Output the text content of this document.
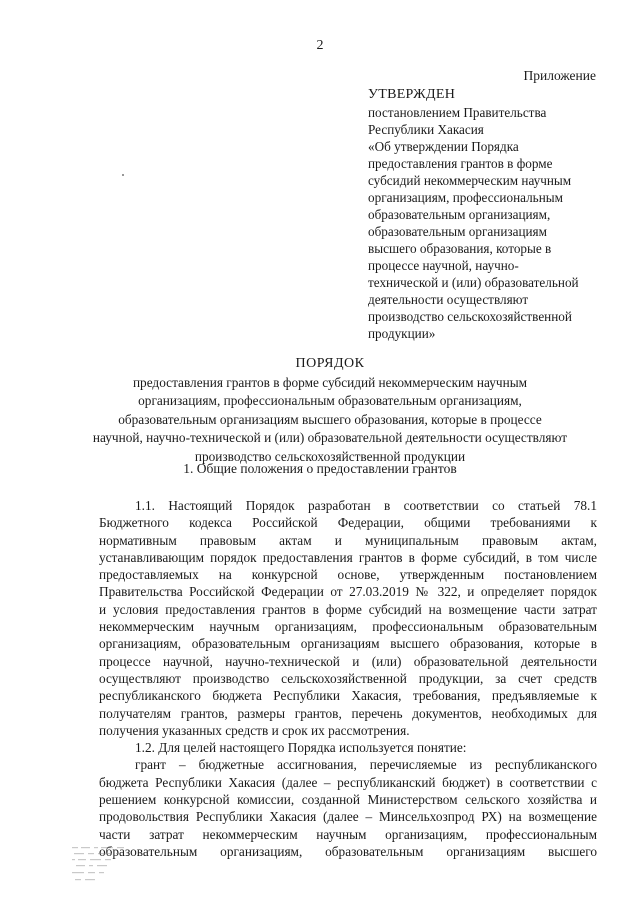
2
Приложение
УТВЕРЖДЕН
постановлением Правительства
Республики Хакасия
«Об утверждении Порядка
предоставления грантов в форме
субсидий некоммерческим научным
организациям, профессиональным
образовательным организациям,
образовательным организациям
высшего образования, которые в
процессе научной, научно-
технической и (или) образовательной
деятельности осуществляют
производство сельскохозяйственной
продукции»
ПОРЯДОК
предоставления грантов в форме субсидий некоммерческим научным
организациям, профессиональным образовательным организациям,
образовательным организациям высшего образования, которые в процессе
научной, научно-технической и (или) образовательной деятельности осуществляют
производство сельскохозяйственной продукции
1. Общие положения о предоставлении грантов
1.1. Настоящий Порядок разработан в соответствии со статьей 78.1
Бюджетного кодекса Российской Федерации, общими требованиями к
нормативным правовым актам и муниципальным правовым актам,
устанавливающим порядок предоставления грантов в форме субсидий, в том числе
предоставляемых на конкурсной основе, утвержденным постановлением
Правительства Российской Федерации от 27.03.2019 № 322, и определяет порядок
и условия предоставления грантов в форме субсидий на возмещение части затрат
некоммерческим научным организациям, профессиональным образовательным
организациям, образовательным организациям высшего образования, которые в
процессе научной, научно-технической и (или) образовательной деятельности
осуществляют производство сельскохозяйственной продукции, за счет средств
республиканского бюджета Республики Хакасия, требования, предъявляемые к
получателям грантов, размеры грантов, перечень документов, необходимых для
получения указанных средств и срок их рассмотрения.
1.2. Для целей настоящего Порядка используется понятие:
грант – бюджетные ассигнования, перечисляемые из республиканского
бюджета Республики Хакасия (далее – республиканский бюджет) в соответствии с
решением конкурсной комиссии, созданной Министерством сельского хозяйства и
продовольствия Республики Хакасия (далее – Минсельхозпрод РХ) на возмещение
части затрат некоммерческим научным организациям, профессиональным
образовательным организациям, образовательным организациям высшего
